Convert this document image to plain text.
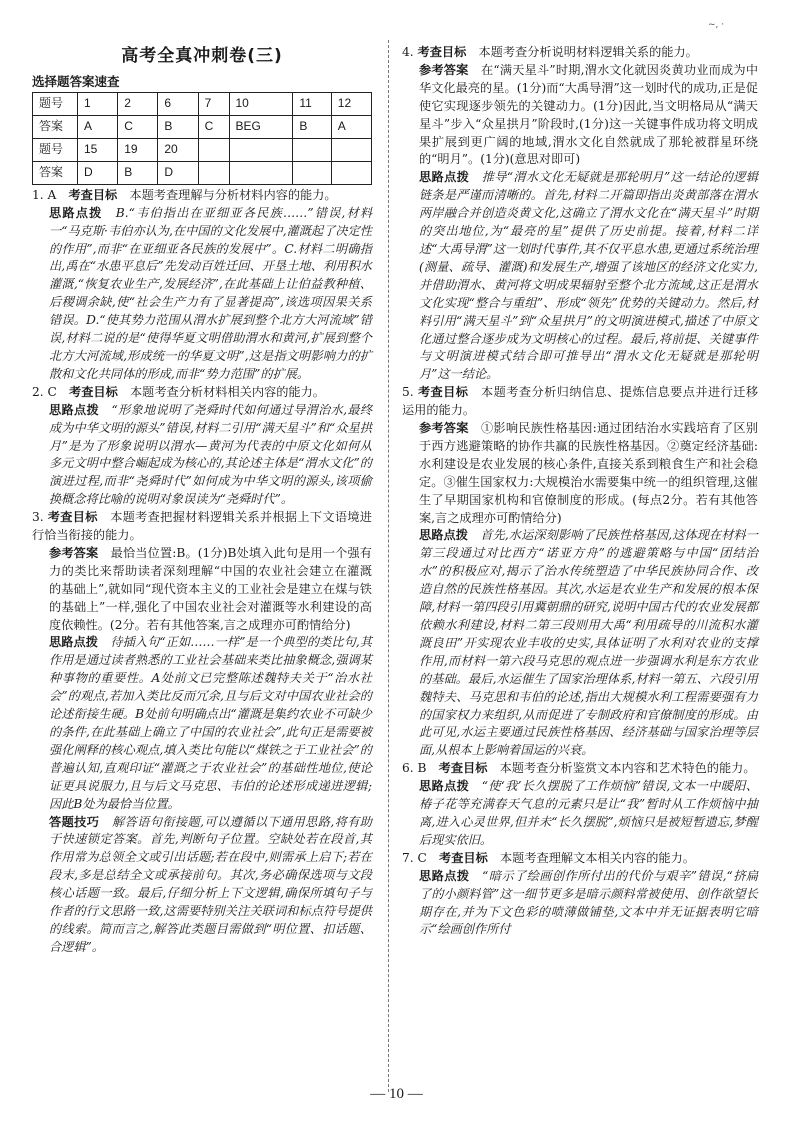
~, ·
高考全真冲刺卷(三)
选择题答案速查
题号	1	2	6	7	10	11	12
答案	A	C	B	C	BEG	B	A
题号	15	19	20				
答案	D	B	D				

1. A　考查目标　 本题考查理解与分析材料内容的能力。

思路点拨　 B.“韦伯指出在亚细亚各民族……”错误,材料一“马克斯·韦伯亦认为,在中国的文化发展中,灌溉起了决定性的作用”,而非“在亚细亚各民族的发展中”。C.材料二明确指出,禹在“水患平息后”先发动百姓迁回、开垦土地、利用积水灌溉,“恢复农业生产,发展经济”,在此基础上让伯益教种植、后稷调余缺,使“社会生产力有了显著提高”,该选项因果关系错误。D.“使其势力范围从渭水扩展到整个北方大河流域”错误,材料二说的是“使得华夏文明借助渭水和黄河,扩展到整个北方大河流域,形成统一的华夏文明”,这是指文明影响力的扩散和文化共同体的形成,而非“势力范围”的扩展。

2. C　考查目标　 本题考查分析材料相关内容的能力。

思路点拨　 “形象地说明了尧舜时代如何通过导渭治水,最终成为中华文明的源头”错误,材料二引用“满天星斗”和“众星拱月”是为了形象说明以渭水—黄河为代表的中原文化如何从多元文明中整合崛起成为核心的,其论述主体是“渭水文化”的演进过程,而非“尧舜时代”如何成为中华文明的源头,该项偷换概念将比喻的说明对象误读为“尧舜时代”。

3. 考查目标　 本题考查把握材料逻辑关系并根据上下文语境进行恰当衔接的能力。

参考答案　 最恰当位置:B。(1分)B处填入此句是用一个强有力的类比来帮助读者深刻理解“中国的农业社会建立在灌溉的基础上”,就如同“现代资本主义的工业社会是建立在煤与铁的基础上”一样,强化了中国农业社会对灌溉等水利建设的高度依赖性。(2分。若有其他答案,言之成理亦可酌情给分)

思路点拨　 待插入句“正如……一样”是一个典型的类比句,其作用是通过读者熟悉的工业社会基础来类比抽象概念,强调某种事物的重要性。A处前文已完整陈述魏特夫关于“治水社会”的观点,若加入类比反而冗余,且与后文对中国农业社会的论述衔接生硬。B处前句明确点出“灌溉是集约农业不可缺少的条件,在此基础上确立了中国的农业社会”,此句正是需要被强化阐释的核心观点,填入类比句能以“煤铁之于工业社会”的普遍认知,直观印证“灌溉之于农业社会”的基础性地位,使论证更具说服力,且与后文马克思、韦伯的论述形成递进逻辑;因此B处为最恰当位置。

答题技巧　 解答语句衔接题,可以遵循以下通用思路,将有助于快速锁定答案。首先,判断句子位置。空缺处若在段首,其作用常为总领全文或引出话题;若在段中,则需承上启下;若在段末,多是总结全文或承接前句。其次,务必确保选项与文段核心话题一致。最后,仔细分析上下文逻辑,确保所填句子与作者的行文思路一致,这需要特别关注关联词和标点符号提供的线索。简而言之,解答此类题目需做到“明位置、扣话题、合逻辑”。

4. 考查目标　 本题考查分析说明材料逻辑关系的能力。

参考答案　 在“满天星斗”时期,渭水文化就因炎黄功业而成为中华文化最亮的星。(1分)而“大禹导渭”这一划时代的成功,正是促使它实现逐步领先的关键动力。(1分)因此,当文明格局从“满天星斗”步入“众星拱月”阶段时,(1分)这一关键事件成功将文明成果扩展到更广阔的地域,渭水文化自然就成了那轮被群星环绕的“明月”。(1分)(意思对即可)

思路点拨　 推导“渭水文化无疑就是那轮明月”这一结论的逻辑链条是严谨而清晰的。首先,材料二开篇即指出炎黄部落在渭水两岸融合并创造炎黄文化,这确立了渭水文化在“满天星斗”时期的突出地位,为“最亮的星”提供了历史前提。接着,材料二详述“大禹导渭”这一划时代事件,其不仅平息水患,更通过系统治理(测量、疏导、灌溉)和发展生产,增强了该地区的经济文化实力,并借助渭水、黄河将文明成果辐射至整个北方流域,这正是渭水文化实现“整合与重组”、形成“领先”优势的关键动力。然后,材料引用“满天星斗”到“众星拱月”的文明演进模式,描述了中原文化通过整合逐步成为文明核心的过程。最后,将前提、关键事件与文明演进模式结合即可推导出“渭水文化无疑就是那轮明月”这一结论。

5. 考查目标　 本题考查分析归纳信息、提炼信息要点并进行迁移运用的能力。

参考答案　 ①影响民族性格基因:通过团结治水实践培育了区别于西方逃避策略的协作共赢的民族性格基因。②奠定经济基础:水利建设是农业发展的核心条件,直接关系到粮食生产和社会稳定。③催生国家权力:大规模治水需要集中统一的组织管理,这催生了早期国家机构和官僚制度的形成。(每点2分。若有其他答案,言之成理亦可酌情给分)

思路点拨　 首先,水运深刻影响了民族性格基因,这体现在材料一第三段通过对比西方“诺亚方舟”的逃避策略与中国“团结治水”的积极应对,揭示了治水传统塑造了中华民族协同合作、改造自然的民族性格基因。其次,水运是农业生产和发展的根本保障,材料一第四段引用冀朝鼎的研究,说明中国古代的农业发展都依赖水利建设,材料二第三段则用大禹“利用疏导的川流积水灌溉良田”开实现农业丰收的史实,具体证明了水利对农业的支撑作用,而材料一第六段马克思的观点进一步强调水利是东方农业的基础。最后,水运催生了国家治理体系,材料一第五、六段引用魏特夫、马克思和韦伯的论述,指出大规模水利工程需要强有力的国家权力来组织,从而促进了专制政府和官僚制度的形成。由此可见,水运主要通过民族性格基因、经济基础与国家治理等层面,从根本上影响着国运的兴衰。

6. B　考查目标　 本题考查分析鉴赏文本内容和艺术特色的能力。

思路点拨　 “使‘我’长久摆脱了工作烦恼”错误,文本一中暖阳、椿子花等充满春天气息的元素只是让“我”暂时从工作烦恼中抽离,进入心灵世界,但并未“长久摆脱”,烦恼只是被短暂遗忘,梦醒后现实依旧。

7. C　考查目标　 本题考查理解文本相关内容的能力。

思路点拨　 “暗示了绘画创作所付出的代价与艰辛”错误,“挤扁了的小颜料管”这一细节更多是暗示颜料常被使用、创作欲望长期存在,并为下文色彩的喷薄做铺垫,文本中并无证据表明它暗示“绘画创作所付

— 10 —
